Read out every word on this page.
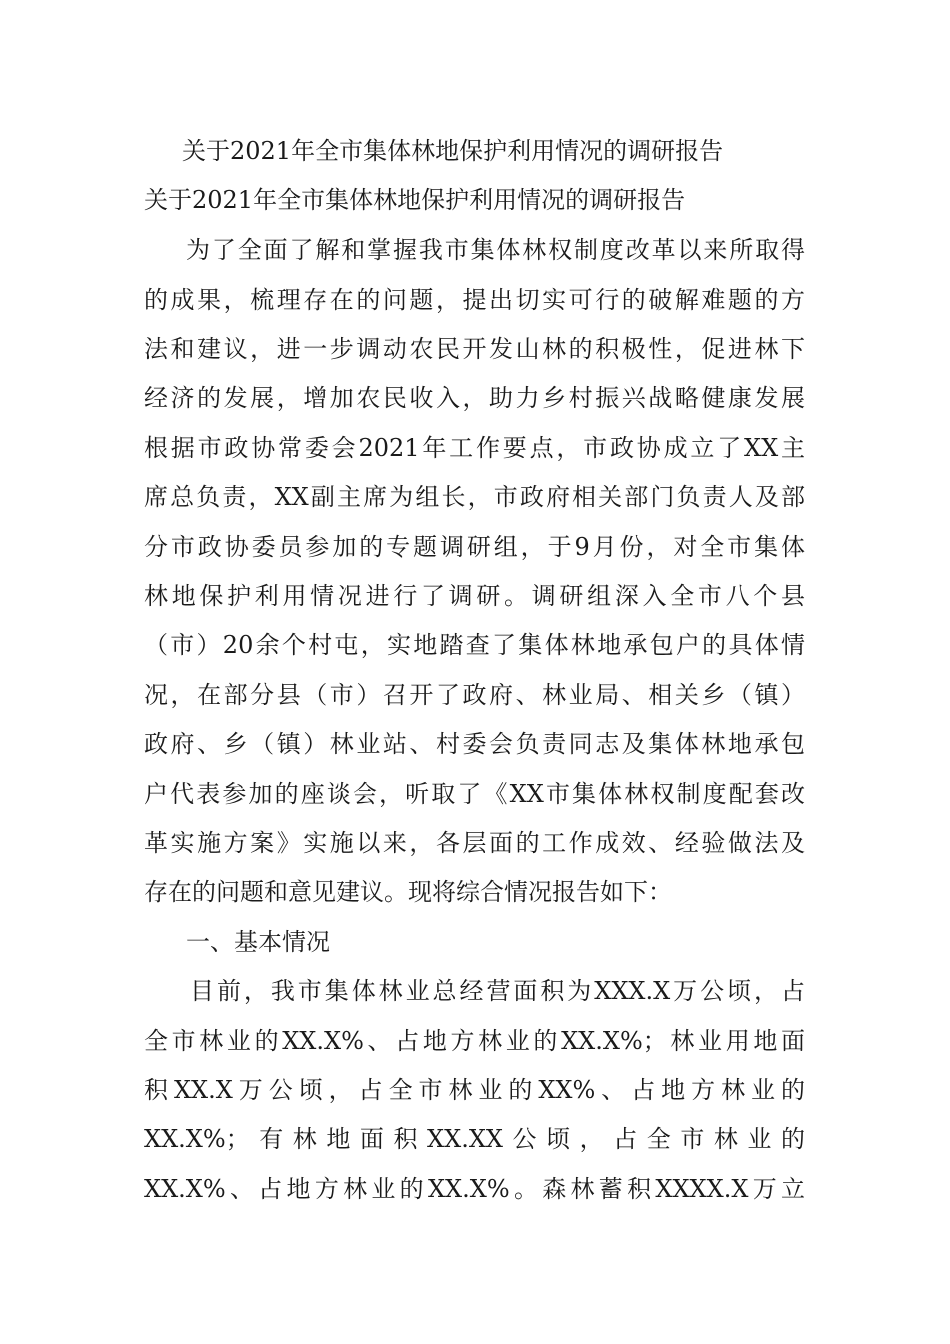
关于2021年全市集体林地保护利用情况的调研报告
关于2021年全市集体林地保护利用情况的调研报告

为了全面了解和掌握我市集体林权制度改革以来所取得

的成果，梳理存在的问题，提出切实可行的破解难题的方

法和建议，进一步调动农民开发山林的积极性，促进林下

经济的发展，增加农民收入，助力乡村振兴战略健康发展

根据市政协常委会2021年工作要点，市政协成立了XX主

席总负责，XX副主席为组长，市政府相关部门负责人及部

分市政协委员参加的专题调研组，于9月份，对全市集体

林地保护利用情况进行了调研。调研组深入全市八个县

（市）20余个村屯，实地踏查了集体林地承包户的具体情

况，在部分县（市）召开了政府、林业局、相关乡（镇）

政府、乡（镇）林业站、村委会负责同志及集体林地承包

户代表参加的座谈会，听取了《XX市集体林权制度配套改

革实施方案》实施以来，各层面的工作成效、经验做法及

存在的问题和意见建议。现将综合情况报告如下：

一、基本情况

目前，我市集体林业总经营面积为XXX.X万公顷，占

全市林业的XX.X%、占地方林业的XX.X%；林业用地面

积XX.X万公顷，占全市林业的XX%、占地方林业的

XX.X%；有林地面积XX.XX公顷，占全市林业的

XX.X%、占地方林业的XX.X%。森林蓄积XXXX.X万立
